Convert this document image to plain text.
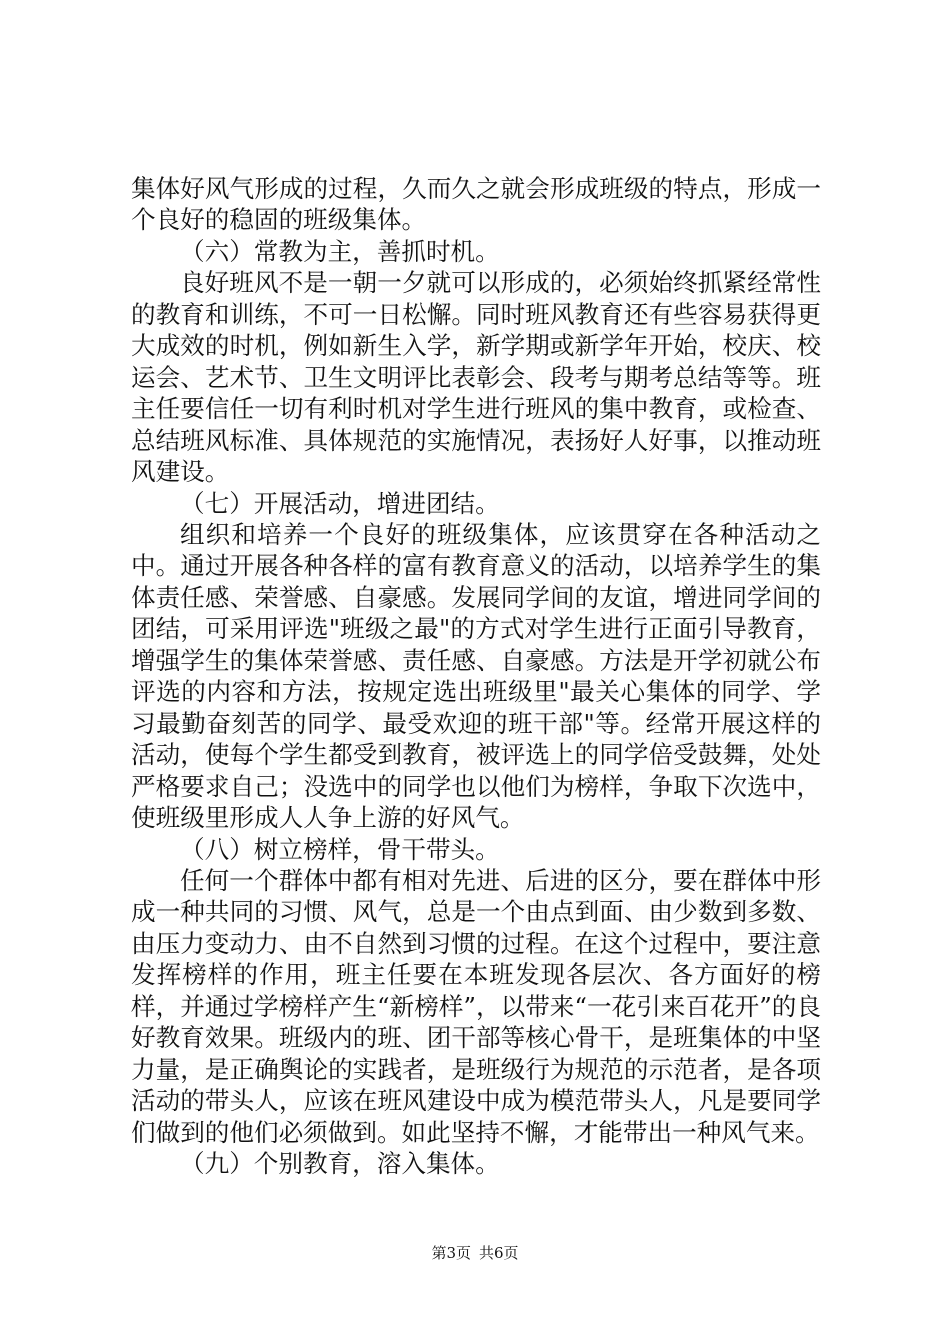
集体好风气形成的过程，久而久之就会形成班级的特点，形成一个良好的稳固的班级集体。

（六）常教为主，善抓时机。

良好班风不是一朝一夕就可以形成的，必须始终抓紧经常性的教育和训练，不可一日松懈。同时班风教育还有些容易获得更大成效的时机，例如新生入学，新学期或新学年开始，校庆、校运会、艺术节、卫生文明评比表彰会、段考与期考总结等等。班主任要信任一切有利时机对学生进行班风的集中教育，或检查、总结班风标准、具体规范的实施情况，表扬好人好事，以推动班风建设。

（七）开展活动，增进团结。

组织和培养一个良好的班级集体，应该贯穿在各种活动之中。通过开展各种各样的富有教育意义的活动，以培养学生的集体责任感、荣誉感、自豪感。发展同学间的友谊，增进同学间的团结，可采用评选"班级之最"的方式对学生进行正面引导教育，增强学生的集体荣誉感、责任感、自豪感。方法是开学初就公布评选的内容和方法，按规定选出班级里"最关心集体的同学、学习最勤奋刻苦的同学、最受欢迎的班干部"等。经常开展这样的活动，使每个学生都受到教育，被评选上的同学倍受鼓舞，处处严格要求自己；没选中的同学也以他们为榜样，争取下次选中，使班级里形成人人争上游的好风气。

（八）树立榜样，骨干带头。

任何一个群体中都有相对先进、后进的区分，要在群体中形成一种共同的习惯、风气，总是一个由点到面、由少数到多数、由压力变动力、由不自然到习惯的过程。在这个过程中，要注意发挥榜样的作用，班主任要在本班发现各层次、各方面好的榜样，并通过学榜样产生“新榜样”，以带来“一花引来百花开”的良好教育效果。班级内的班、团干部等核心骨干，是班集体的中坚力量，是正确舆论的实践者，是班级行为规范的示范者，是各项活动的带头人，应该在班风建设中成为模范带头人，凡是要同学们做到的他们必须做到。如此坚持不懈，才能带出一种风气来。

（九）个别教育，溶入集体。

第3页 共6页
